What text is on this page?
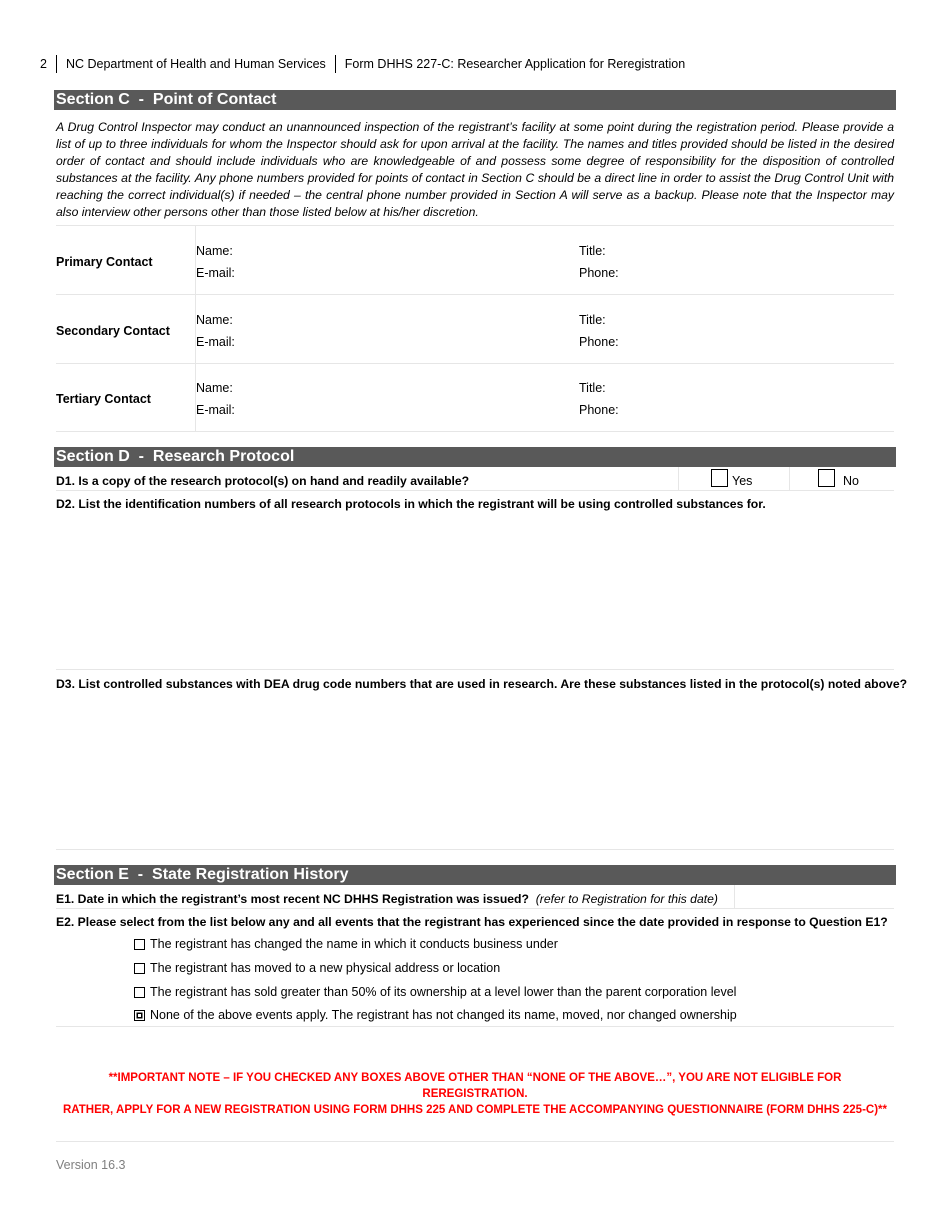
2 NC Department of Health and Human Services Form DHHS 227-C: Researcher Application for Reregistration
Section C  -  Point of Contact
A Drug Control Inspector may conduct an unannounced inspection of the registrant’s facility at some point during the registration period. Please provide a list of up to three individuals for whom the Inspector should ask for upon arrival at the facility. The names and titles provided should be listed in the desired order of contact and should include individuals who are knowledgeable of and possess some degree of responsibility for the disposition of controlled substances at the facility. Any phone numbers provided for points of contact in Section C should be a direct line in order to assist the Drug Control Unit with reaching the correct individual(s) if needed – the central phone number provided in Section A will serve as a backup. Please note that the Inspector may also interview other persons other than those listed below at his/her discretion.
Primary Contact
Name:
E-mail:
Title:
Phone:
Secondary Contact
Name:
E-mail:
Title:
Phone:
Tertiary Contact
Name:
E-mail:
Title:
Phone:
Section D  -  Research Protocol
D1. Is a copy of the research protocol(s) on hand and readily available?	Yes	No
D2. List the identification numbers of all research protocols in which the registrant will be using controlled substances for.
D3. List controlled substances with DEA drug code numbers that are used in research. Are these substances listed in the protocol(s) noted above?
Section E  -  State Registration History
E1. Date in which the registrant’s most recent NC DHHS Registration was issued? (refer to Registration for this date)
E2. Please select from the list below any and all events that the registrant has experienced since the date provided in response to Question E1?
The registrant has changed the name in which it conducts business under
The registrant has moved to a new physical address or location
The registrant has sold greater than 50% of its ownership at a level lower than the parent corporation level
None of the above events apply. The registrant has not changed its name, moved, nor changed ownership
**IMPORTANT NOTE – IF YOU CHECKED ANY BOXES ABOVE OTHER THAN “NONE OF THE ABOVE…”, YOU ARE NOT ELIGIBLE FOR REREGISTRATION.
RATHER, APPLY FOR A NEW REGISTRATION USING FORM DHHS 225 AND COMPLETE THE ACCOMPANYING QUESTIONNAIRE (FORM DHHS 225-C)**
Version 16.3
